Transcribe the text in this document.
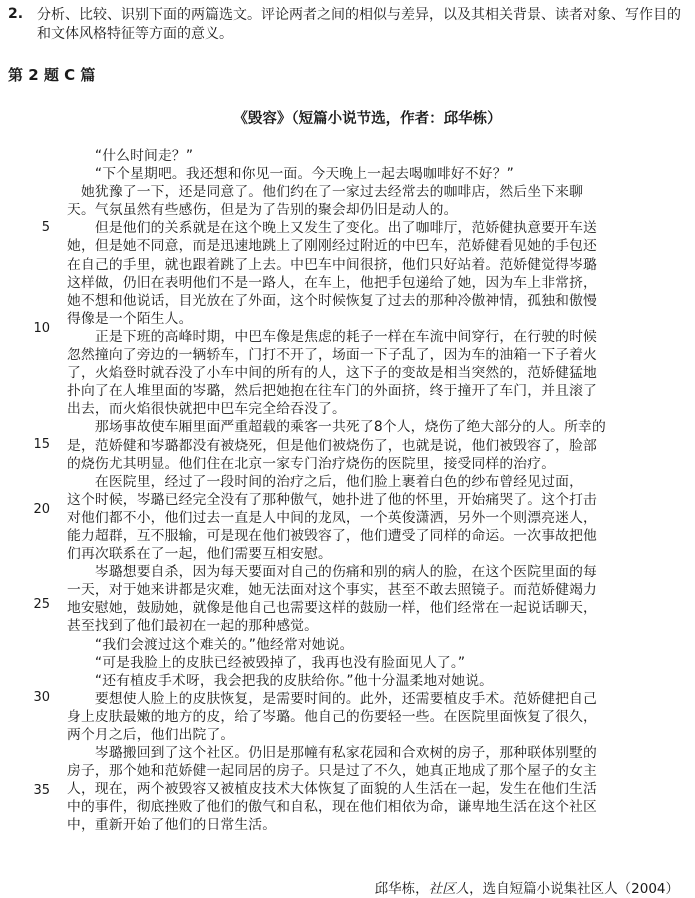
2. 分析、比较、识别下面的两篇选文。评论两者之间的相似与差异，以及其相关背景、读者对象、写作目的和文体风格特征等方面的意义。
第 2 题 C 篇
《毁容》（短篇小说节选，作者：邱华栋）
5
10
15
20
25
30
35
　　“什么时间走？”
　　“下个星期吧。我还想和你见一面。今天晚上一起去喝咖啡好不好？”
　她犹豫了一下，还是同意了。他们约在了一家过去经常去的咖啡店，然后坐下来聊
天。气氛虽然有些感伤，但是为了告别的聚会却仍旧是动人的。
　　但是他们的关系就是在这个晚上又发生了变化。出了咖啡厅，范娇健执意要开车送
她，但是她不同意，而是迅速地跳上了刚刚经过附近的中巴车，范娇健看见她的手包还
在自己的手里，就也跟着跳了上去。中巴车中间很挤，他们只好站着。范娇健觉得岑璐
这样做，仍旧在表明他们不是一路人，在车上，他把手包递给了她，因为车上非常挤，
她不想和他说话，目光放在了外面，这个时候恢复了过去的那种冷傲神情，孤独和傲慢
得像是一个陌生人。
　　正是下班的高峰时期，中巴车像是焦虑的耗子一样在车流中间穿行，在行驶的时候
忽然撞向了旁边的一辆轿车，门打不开了，场面一下子乱了，因为车的油箱一下子着火
了，火焰登时就吞没了小车中间的所有的人，这下子的变故是相当突然的，范娇健猛地
扑向了在人堆里面的岑璐，然后把她抱在往车门的外面挤，终于撞开了车门，并且滚了
出去，而火焰很快就把中巴车完全给吞没了。
　　那场事故使车厢里面严重超载的乘客一共死了8个人，烧伤了绝大部分的人。所幸的
是，范娇健和岑璐都没有被烧死，但是他们被烧伤了，也就是说，他们被毁容了，脸部
的烧伤尤其明显。他们住在北京一家专门治疗烧伤的医院里，接受同样的治疗。
　　在医院里，经过了一段时间的治疗之后，他们脸上裹着白色的纱布曾经见过面，
这个时候，岑璐已经完全没有了那种傲气，她扑进了他的怀里，开始痛哭了。这个打击
对他们都不小，他们过去一直是人中间的龙凤，一个英俊潇洒，另外一个则漂亮迷人，
能力超群，互不服输，可是现在他们被毁容了，他们遭受了同样的命运。一次事故把他
们再次联系在了一起，他们需要互相安慰。
　　岑璐想要自杀，因为每天要面对自己的伤痛和别的病人的脸，在这个医院里面的每
一天，对于她来讲都是灾难，她无法面对这个事实，甚至不敢去照镜子。而范娇健竭力
地安慰她，鼓励她，就像是他自己也需要这样的鼓励一样，他们经常在一起说话聊天，
甚至找到了他们最初在一起的那种感觉。
　　“我们会渡过这个难关的。”他经常对她说。
　　“可是我脸上的皮肤已经被毁掉了，我再也没有脸面见人了。”
　　“还有植皮手术呀，我会把我的皮肤给你。”他十分温柔地对她说。
　　要想使人脸上的皮肤恢复，是需要时间的。此外，还需要植皮手术。范娇健把自己
身上皮肤最嫩的地方的皮，给了岑璐。他自己的伤要轻一些。在医院里面恢复了很久，
两个月之后，他们出院了。
　　岑璐搬回到了这个社区。仍旧是那幢有私家花园和合欢树的房子，那种联体别墅的
房子，那个她和范娇健一起同居的房子。只是过了不久，她真正地成了那个屋子的女主
人，现在，两个被毁容又被植皮技术大体恢复了面貌的人生活在一起，发生在他们生活
中的事件，彻底挫败了他们的傲气和自私，现在他们相依为命，谦卑地生活在这个社区
中，重新开始了他们的日常生活。
邱华栋，社区人，选自短篇小说集社区人（2004）
